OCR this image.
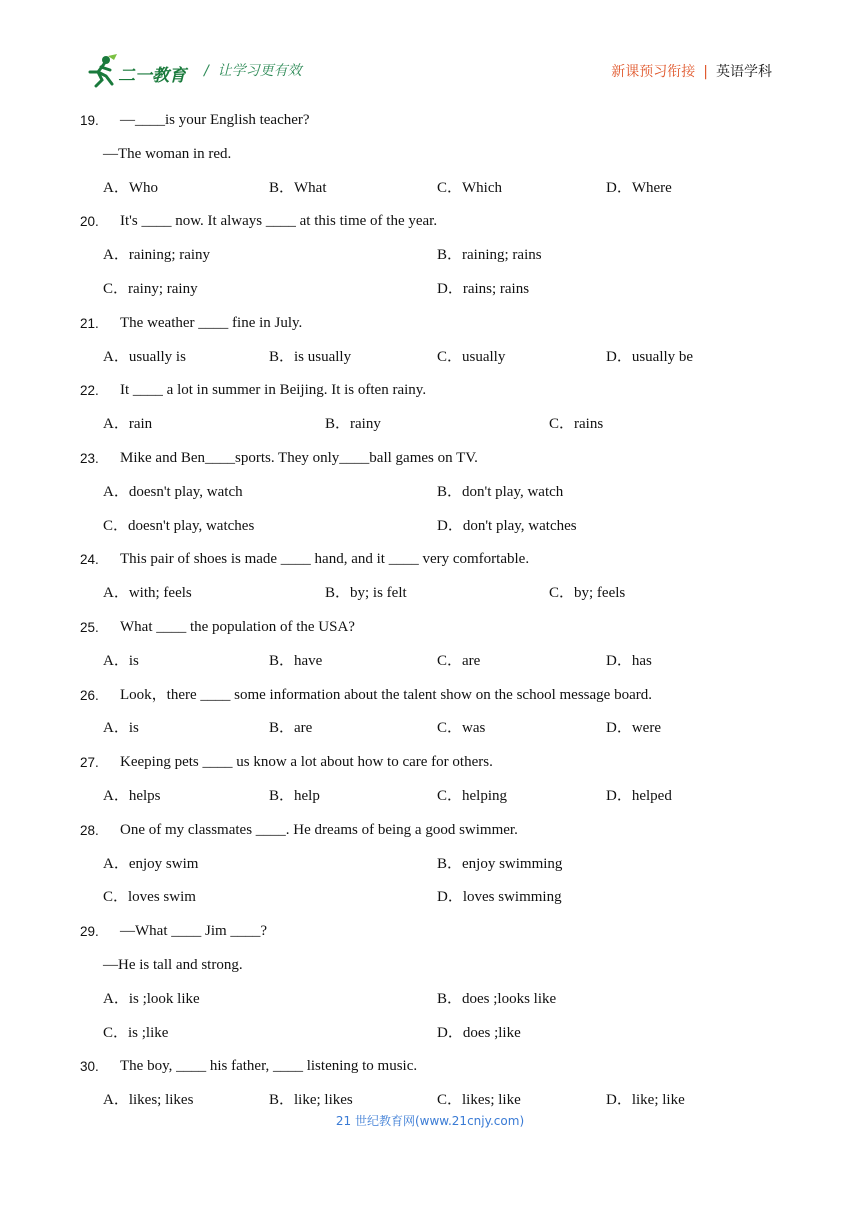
二一教育 / 让学习更有效	新课预习衔接 | 英语学科
19. —____is your English teacher?
—The woman in red.
A．Who	B．What	C．Which	D．Where
20. It's ____ now. It always ____ at this time of the year.
A．raining; rainy	B．raining; rains
C．rainy; rainy	D．rains; rains
21. The weather ____ fine in July.
A．usually is	B．is usually	C．usually	D．usually be
22. It ____ a lot in summer in Beijing. It is often rainy.
A．rain	B．rainy	C．rains
23. Mike and Ben____sports. They only____ball games on TV.
A．doesn't play, watch	B．don't play, watch
C．doesn't play, watches	D．don't play, watches
24. This pair of shoes is made ____ hand, and it ____ very comfortable.
A．with; feels	B．by; is felt	C．by; feels
25. What ____ the population of the USA?
A．is	B．have	C．are	D．has
26. Look，there ____ some information about the talent show on the school message board.
A．is	B．are	C．was	D．were
27. Keeping pets ____ us know a lot about how to care for others.
A．helps	B．help	C．helping	D．helped
28. One of my classmates ____. He dreams of being a good swimmer.
A．enjoy swim	B．enjoy swimming
C．loves swim	D．loves swimming
29. —What ____ Jim ____?
—He is tall and strong.
A．is ;look like	B．does ;looks like
C．is ;like	D．does ;like
30. The boy, ____ his father, ____ listening to music.
A．likes; likes	B．like; likes	C．likes; like	D．like; like
21 世纪教育网(www.21cnjy.com)
